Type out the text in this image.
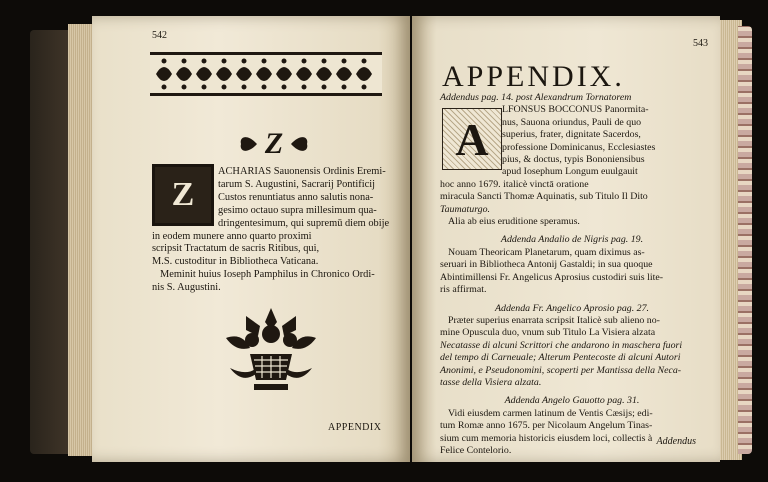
542
Z
Z
ACHARIAS Sauonensis Ordinis Eremi-
tarum S. Augustini, Sacrarij Pontificij
Custos renuntiatus anno salutis nona-
gesimo octauo supra millesimum qua-
dringentesimum, qui supremū diem obije
in eodem munere anno quarto proximi
scripsit Tractatum de sacris Ritibus, qui,
M.S. custoditur in Bibliotheca Vaticana.
Meminit huius Ioseph Pamphilus in Chronico Ordi-
nis S. Augustini.
APPENDIX
543
APPENDIX.
A
Addendus pag. 14. post Alexandrum Tornatorem
LFONSUS BOCCONUS Panormita-
nus, Sauona oriundus, Pauli de quo
superius, frater, dignitate Sacerdos,
professione Dominicanus, Ecclesiastes
pius, & doctus, typis Bononiensibus
apud Iosephum Longum euulgauit
hoc anno 1679. italicè vinctā oratione
miracula Sancti Thomæ Aquinatis, sub Titulo Il Dito
Taumaturgo.
Alia ab eius eruditione speramus.
Addenda Andalio de Nigris pag. 19.
Nouam Theoricam Planetarum, quam diximus as-
seruari in Bibliotheca Antonij Gastaldi; in sua quoque
Abintimillensi Fr. Angelicus Aprosius custodiri suis lite-
ris affirmat.
Addenda Fr. Angelico Aprosio pag. 27.
Præter superius enarrata scripsit Italicè sub alieno no-
mine Opuscula duo, vnum sub Titulo La Visiera alzata
Necatasse di alcuni Scrittori che andarono in maschera fuori
del tempo di Carneuale; Alterum Pentecoste di alcuni Autori
Anonimi, e Pseudonomini, scoperti per Mantissa della Neca-
tasse della Visiera alzata.
Addenda Angelo Gauotto pag. 31.
Vidi eiusdem carmen latinum de Ventis Cæsijs; edi-
tum Romæ anno 1675. per Nicolaum Angelum Tinas-
sium cum memoria historicis eiusdem loci, collectis à
Felice Contelorio.
Addendus
